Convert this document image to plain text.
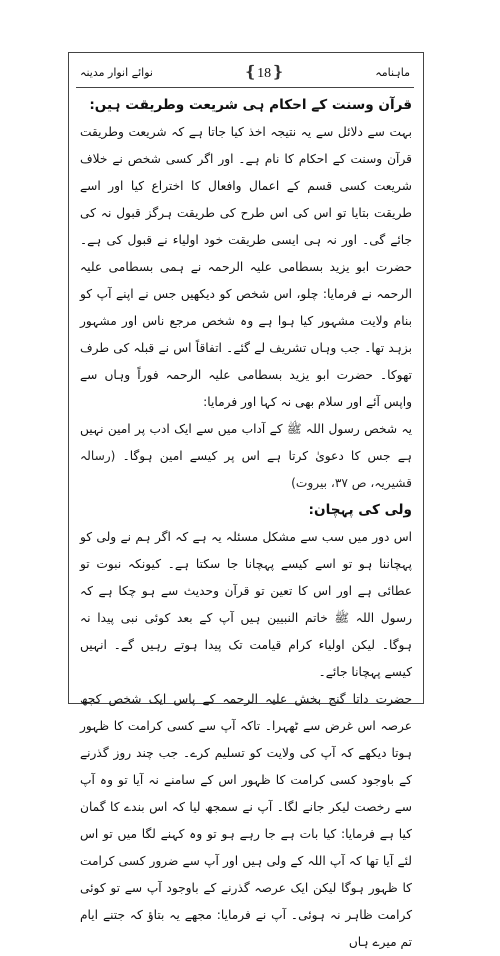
ماہنامہ
❴18❵
نوائے انوار مدینہ

قرآن وسنت کے احکام ہی شریعت وطریقت ہیں:

بہت سے دلائل سے یہ نتیجہ اخذ کیا جاتا ہے کہ شریعت وطریقت قرآن وسنت کے احکام کا نام ہے۔ اور اگر کسی شخص نے خلاف شریعت کسی قسم کے اعمال وافعال کا اختراع کیا اور اسے طریقت بتایا تو اس کی اس طرح کی طریقت ہرگز قبول نہ کی جائے گی۔ اور نہ ہی ایسی طریقت خود اولیاء نے قبول کی ہے۔ حضرت ابو یزید بسطامی علیہ الرحمہ نے ہمی بسطامی علیہ الرحمہ نے فرمایا: چلو، اس شخص کو دیکھیں جس نے اپنے آپ کو بنام ولایت مشہور کیا ہوا ہے وہ شخص مرجع ناس اور مشہور بزہد تھا۔ جب وہاں تشریف لے گئے۔ اتفاقاً اس نے قبلہ کی طرف تھوکا۔ حضرت ابو یزید بسطامی علیہ الرحمہ فوراً وہاں سے واپس آئے اور سلام بھی نہ کہا اور فرمایا:

یہ شخص رسول اللہ ﷺ کے آداب میں سے ایک ادب پر امین نہیں ہے جس کا دعویٰ کرتا ہے اس پر کیسے امین ہوگا۔ (رسالہ قشیریہ، ص ۳۷، بیروت)

ولی کی پہچان:

اس دور میں سب سے مشکل مسئلہ یہ ہے کہ اگر ہم نے ولی کو پہچاننا ہو تو اسے کیسے پہچانا جا سکتا ہے۔ کیونکہ نبوت تو عطائی ہے اور اس کا تعین تو قرآن وحدیث سے ہو چکا ہے کہ رسول اللہ ﷺ خاتم النبیین ہیں آپ کے بعد کوئی نبی پیدا نہ ہوگا۔ لیکن اولیاء کرام قیامت تک پیدا ہوتے رہیں گے۔ انہیں کیسے پہچانا جائے۔

حضرت داتا گنج بخش علیہ الرحمہ کے پاس ایک شخص کچھ عرصہ اس غرض سے ٹھہرا۔ تاکہ آپ سے کسی کرامت کا ظہور ہوتا دیکھے کہ آپ کی ولایت کو تسلیم کرے۔ جب چند روز گذرنے کے باوجود کسی کرامت کا ظہور اس کے سامنے نہ آیا تو وہ آپ سے رخصت لیکر جانے لگا۔ آپ نے سمجھ لیا کہ اس بندے کا گمان کیا ہے فرمایا: کیا بات ہے جا رہے ہو تو وہ کہنے لگا میں تو اس لئے آیا تھا کہ آپ اللہ کے ولی ہیں اور آپ سے ضرور کسی کرامت کا ظہور ہوگا لیکن ایک عرصہ گذرنے کے باوجود آپ سے تو کوئی کرامت ظاہر نہ ہوئی۔ آپ نے فرمایا: مجھے یہ بتاؤ کہ جتنے ایام تم میرے ہاں
